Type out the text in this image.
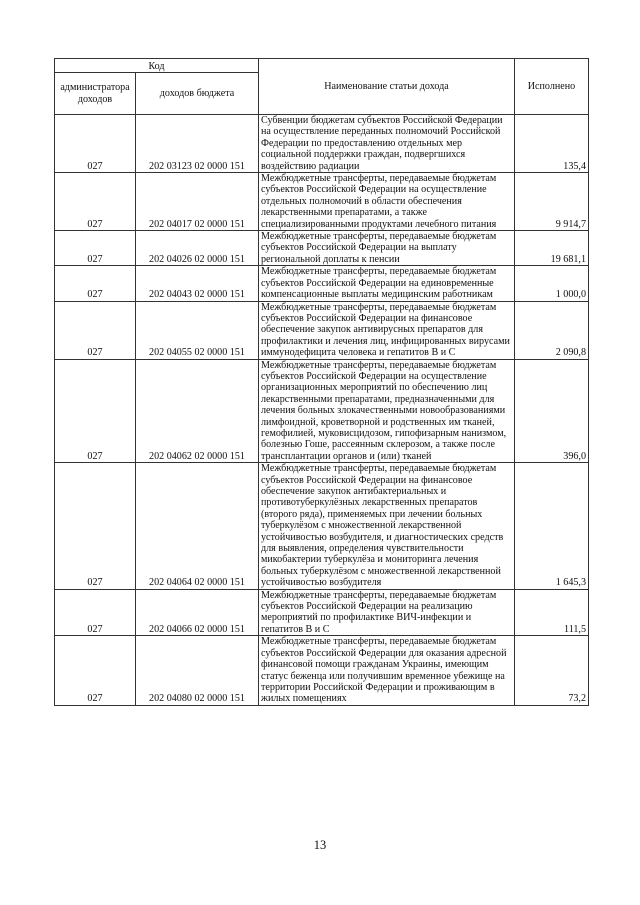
Код		Наименование статьи дохода	Исполнено
администратора доходов	доходов бюджета		
027	202 03123 02 0000 151	Субвенции бюджетам субъектов Российской Федерации на осуществление переданных полномочий Российской Федерации по предоставлению отдельных мер социальной поддержки граждан, подвергшихся воздействию радиации	135,4
027	202 04017 02 0000 151	Межбюджетные трансферты, передаваемые бюджетам субъектов Российской Федерации на осуществление отдельных полномочий в области обеспечения лекарственными препаратами, а также специализированными продуктами лечебного питания	9 914,7
027	202 04026 02 0000 151	Межбюджетные трансферты, передаваемые бюджетам субъектов Российской Федерации на выплату региональной доплаты к пенсии	19 681,1
027	202 04043 02 0000 151	Межбюджетные трансферты, передаваемые бюджетам субъектов Российской Федерации на единовременные компенсационные выплаты медицинским работникам	1 000,0
027	202 04055 02 0000 151	Межбюджетные трансферты, передаваемые бюджетам субъектов Российской Федерации на финансовое обеспечение закупок антивирусных препаратов для профилактики и лечения лиц, инфицированных вирусами иммунодефицита человека и гепатитов В и С	2 090,8
027	202 04062 02 0000 151	Межбюджетные трансферты, передаваемые бюджетам субъектов Российской Федерации на осуществление организационных мероприятий по обеспечению лиц лекарственными препаратами, предназначенными для лечения больных злокачественными новообразованиями лимфоидной, кроветворной и родственных им тканей, гемофилией, муковисцидозом, гипофизарным нанизмом, болезнью Гоше, рассеянным склерозом, а также после трансплантации органов и (или) тканей	396,0
027	202 04064 02 0000 151	Межбюджетные трансферты, передаваемые бюджетам субъектов Российской Федерации на финансовое обеспечение закупок антибактериальных и противотуберкулёзных лекарственных препаратов (второго ряда), применяемых при лечении больных туберкулёзом с множественной лекарственной устойчивостью возбудителя, и диагностических средств для выявления, определения чувствительности микобактерии туберкулёза и мониторинга лечения больных туберкулёзом с множественной лекарственной устойчивостью возбудителя	1 645,3
027	202 04066 02 0000 151	Межбюджетные трансферты, передаваемые бюджетам субъектов Российской Федерации на реализацию мероприятий по профилактике ВИЧ-инфекции и гепатитов В и С	111,5
027	202 04080 02 0000 151	Межбюджетные трансферты, передаваемые бюджетам субъектов Российской Федерации для оказания адресной финансовой помощи гражданам Украины, имеющим статус беженца или получившим временное убежище на территории Российской Федерации и проживающим в жилых помещениях	73,2
13
